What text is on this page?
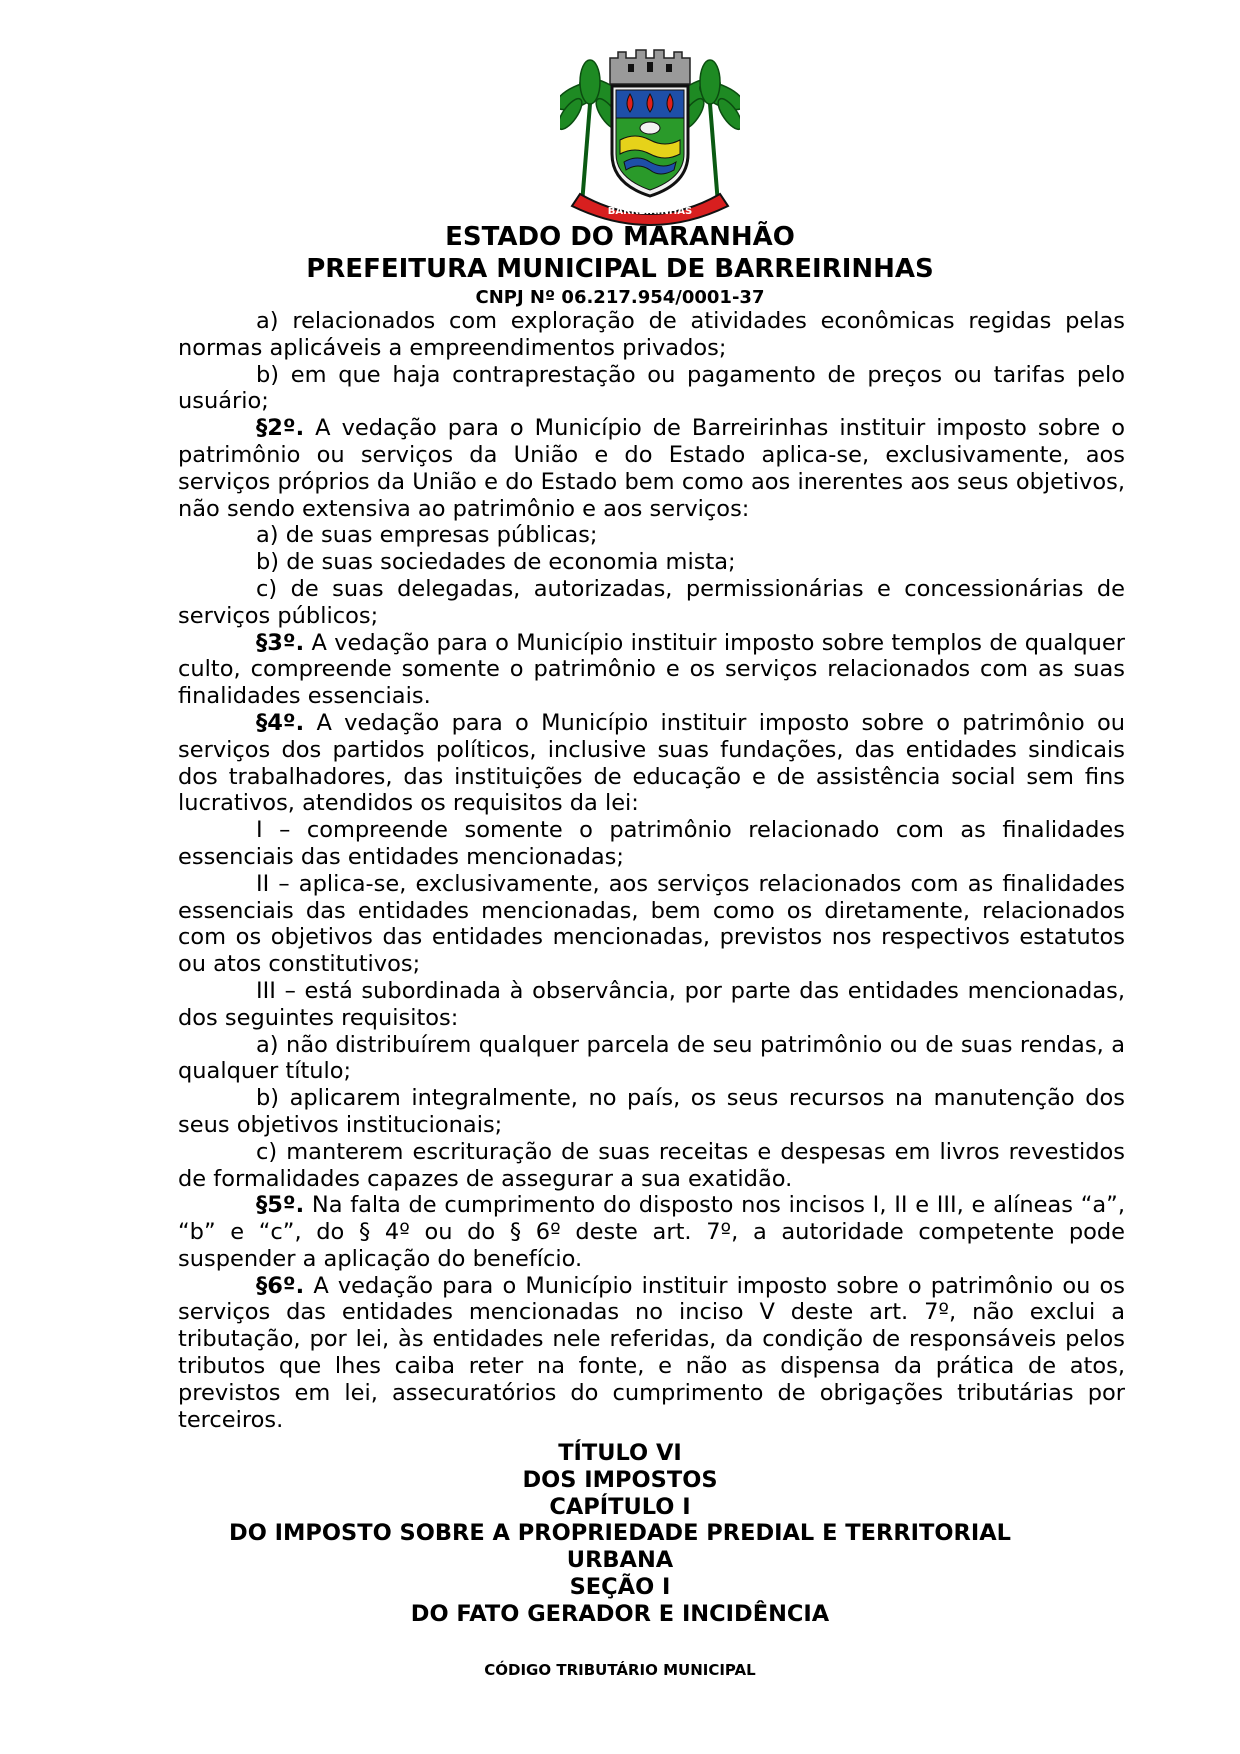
BARREIRINHAS
ESTADO DO MARANHÃO
PREFEITURA MUNICIPAL DE BARREIRINHAS
CNPJ Nº 06.217.954/0001-37

a) relacionados com exploração de atividades econômicas regidas pelas normas aplicáveis a empreendimentos privados;

b) em que haja contraprestação ou pagamento de preços ou tarifas pelo usuário;

§2º. A vedação para o Município de Barreirinhas instituir imposto sobre o patrimônio ou serviços da União e do Estado aplica-se, exclusivamente, aos serviços próprios da União e do Estado bem como aos inerentes aos seus objetivos, não sendo extensiva ao patrimônio e aos serviços:

a) de suas empresas públicas;

b) de suas sociedades de economia mista;

c) de suas delegadas, autorizadas, permissionárias e concessionárias de serviços públicos;

§3º. A vedação para o Município instituir imposto sobre templos de qualquer culto, compreende somente o patrimônio e os serviços relacionados com as suas finalidades essenciais.

§4º. A vedação para o Município instituir imposto sobre o patrimônio ou serviços dos partidos políticos, inclusive suas fundações, das entidades sindicais dos trabalhadores, das instituições de educação e de assistência social sem fins lucrativos, atendidos os requisitos da lei:

I – compreende somente o patrimônio relacionado com as finalidades essenciais das entidades mencionadas;

II – aplica-se, exclusivamente, aos serviços relacionados com as finalidades essenciais das entidades mencionadas, bem como os diretamente, relacionados com os objetivos das entidades mencionadas, previstos nos respectivos estatutos ou atos constitutivos;

III – está subordinada à observância, por parte das entidades mencionadas, dos seguintes requisitos:

a) não distribuírem qualquer parcela de seu patrimônio ou de suas rendas, a qualquer título;

b) aplicarem integralmente, no país, os seus recursos na manutenção dos seus objetivos institucionais;

c) manterem escrituração de suas receitas e despesas em livros revestidos de formalidades capazes de assegurar a sua exatidão.

§5º. Na falta de cumprimento do disposto nos incisos I, II e III, e alíneas “a”, “b” e “c”, do § 4º ou do § 6º deste art. 7º, a autoridade competente pode suspender a aplicação do benefício.

§6º. A vedação para o Município instituir imposto sobre o patrimônio ou os serviços das entidades mencionadas no inciso V deste art. 7º, não exclui a tributação, por lei, às entidades nele referidas, da condição de responsáveis pelos tributos que lhes caiba reter na fonte, e não as dispensa da prática de atos, previstos em lei, assecuratórios do cumprimento de obrigações tributárias por terceiros.

TÍTULO VI
DOS IMPOSTOS
CAPÍTULO I
DO IMPOSTO SOBRE A PROPRIEDADE PREDIAL E TERRITORIAL
URBANA
SEÇÃO I
DO FATO GERADOR E INCIDÊNCIA
CÓDIGO TRIBUTÁRIO MUNICIPAL
